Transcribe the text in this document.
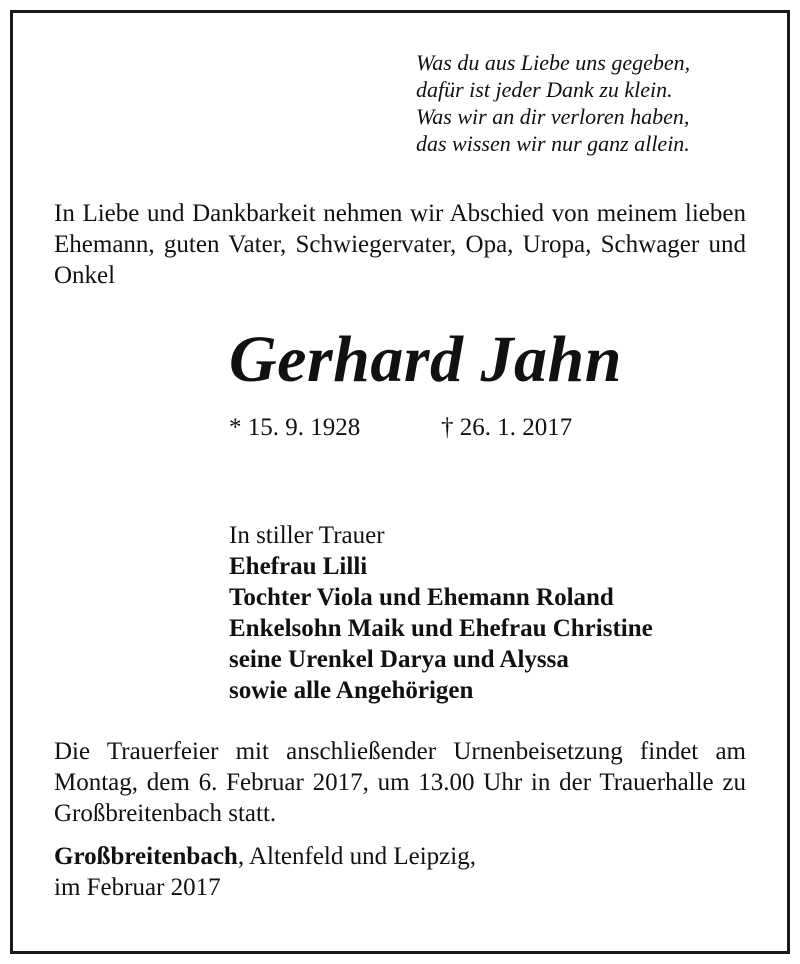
Was du aus Liebe uns gegeben,
dafür ist jeder Dank zu klein.
Was wir an dir verloren haben,
das wissen wir nur ganz allein.
In Liebe und Dankbarkeit nehmen wir Abschied von meinem lieben Ehemann, guten Vater, Schwiegervater, Opa, Uropa, Schwager und Onkel
Gerhard Jahn
* 15. 9. 1928	† 26. 1. 2017
In stiller Trauer
Ehefrau Lilli
Tochter Viola und Ehemann Roland
Enkelsohn Maik und Ehefrau Christine
seine Urenkel Darya und Alyssa
sowie alle Angehörigen
Die Trauerfeier mit anschließender Urnenbeisetzung findet am Montag, dem 6. Februar 2017, um 13.00 Uhr in der Trauerhalle zu Großbreitenbach statt.
Großbreitenbach, Altenfeld und Leipzig,
im Februar 2017
